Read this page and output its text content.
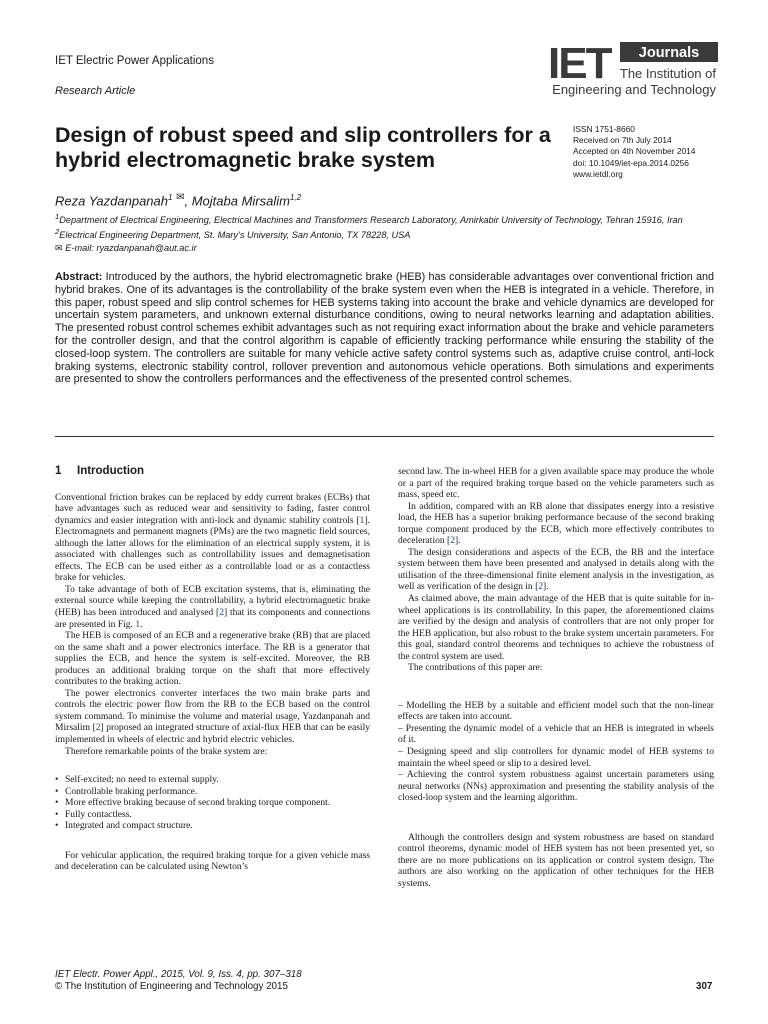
IET Electric Power Applications
Research Article
IET Journals
The Institution of
Engineering and Technology
Design of robust speed and slip controllers for a hybrid electromagnetic brake system
ISSN 1751-8660
Received on 7th July 2014
Accepted on 4th November 2014
doi: 10.1049/iet-epa.2014.0256
www.ietdl.org
Reza Yazdanpanah$^1$ ✉, Mojtaba Mirsalim$^{1,2}$
$^1$Department of Electrical Engineering, Electrical Machines and Transformers Research Laboratory, Amirkabir University of Technology, Tehran 15916, Iran
$^2$Electrical Engineering Department, St. Mary’s University, San Antonio, TX 78228, USA
✉ E-mail: ryazdanpanah@aut.ac.ir

Abstract: Introduced by the authors, the hybrid electromagnetic brake (HEB) has considerable advantages over conventional friction and hybrid brakes. One of its advantages is the controllability of the brake system even when the HEB is integrated in a vehicle. Therefore, in this paper, robust speed and slip control schemes for HEB systems taking into account the brake and vehicle dynamics are developed for uncertain system parameters, and unknown external disturbance conditions, owing to neural networks learning and adaptation abilities. The presented robust control schemes exhibit advantages such as not requiring exact information about the brake and vehicle parameters for the controller design, and that the control algorithm is capable of efficiently tracking performance while ensuring the stability of the closed-loop system. The controllers are suitable for many vehicle active safety control systems such as, adaptive cruise control, anti-lock braking systems, electronic stability control, rollover prevention and autonomous vehicle operations. Both simulations and experiments are presented to show the controllers performances and the effectiveness of the presented control schemes.

1 Introduction

Conventional friction brakes can be replaced by eddy current brakes (ECBs) that have advantages such as reduced wear and sensitivity to fading, faster control dynamics and easier integration with anti-lock and dynamic stability controls [1]. Electromagnets and permanent magnets (PMs) are the two magnetic field sources, although the latter allows for the elimination of an electrical supply system, it is associated with challenges such as controllability issues and demagnetisation effects. The ECB can be used either as a controllable load or as a contactless brake for vehicles.

To take advantage of both of ECB excitation systems, that is, eliminating the external source while keeping the controllability, a hybrid electromagnetic brake (HEB) has been introduced and analysed [2] that its components and connections are presented in Fig. 1.

The HEB is composed of an ECB and a regenerative brake (RB) that are placed on the same shaft and a power electronics interface. The RB is a generator that supplies the ECB, and hence the system is self-excited. Moreover, the RB produces an additional braking torque on the shaft that more effectively contributes to the braking action.

The power electronics converter interfaces the two main brake parts and controls the electric power flow from the RB to the ECB based on the control system command. To minimise the volume and material usage, Yazdanpanah and Mirsalim [2] proposed an integrated structure of axial-flux HEB that can be easily implemented in wheels of electric and hybrid electric vehicles.

Therefore remarkable points of the brake system are:

• Self-excited; no need to external supply.
• Controllable braking performance.
• More effective braking because of second braking torque component.
• Fully contactless.
• Integrated and compact structure.

For vehicular application, the required braking torque for a given vehicle mass and deceleration can be calculated using Newton’s

second law. The in-wheel HEB for a given available space may produce the whole or a part of the required braking torque based on the vehicle parameters such as mass, speed etc.

In addition, compared with an RB alone that dissipates energy into a resistive load, the HEB has a superior braking performance because of the second braking torque component produced by the ECB, which more effectively contributes to deceleration [2].

The design considerations and aspects of the ECB, the RB and the interface system between them have been presented and analysed in details along with the utilisation of the three-dimensional finite element analysis in the investigation, as well as verification of the design in [2].

As claimed above, the main advantage of the HEB that is quite suitable for in-wheel applications is its controllability. In this paper, the aforementioned claims are verified by the design and analysis of controllers that are not only proper for the HEB application, but also robust to the brake system uncertain parameters. For this goal, standard control theorems and techniques to achieve the robustness of the control system are used.

The contributions of this paper are:

– Modelling the HEB by a suitable and efficient model such that the non-linear effects are taken into account.
– Presenting the dynamic model of a vehicle that an HEB is integrated in wheels of it.
– Designing speed and slip controllers for dynamic model of HEB systems to maintain the wheel speed or slip to a desired level.
– Achieving the control system robustness against uncertain parameters using neural networks (NNs) approximation and presenting the stability analysis of the closed-loop system and the learning algorithm.

Although the controllers design and system robustness are based on standard control theorems, dynamic model of HEB system has not been presented yet, so there are no more publications on its application or control system design. The authors are also working on the application of other techniques for the HEB systems.

IET Electr. Power Appl., 2015, Vol. 9, Iss. 4, pp. 307–318
© The Institution of Engineering and Technology 2015	307
